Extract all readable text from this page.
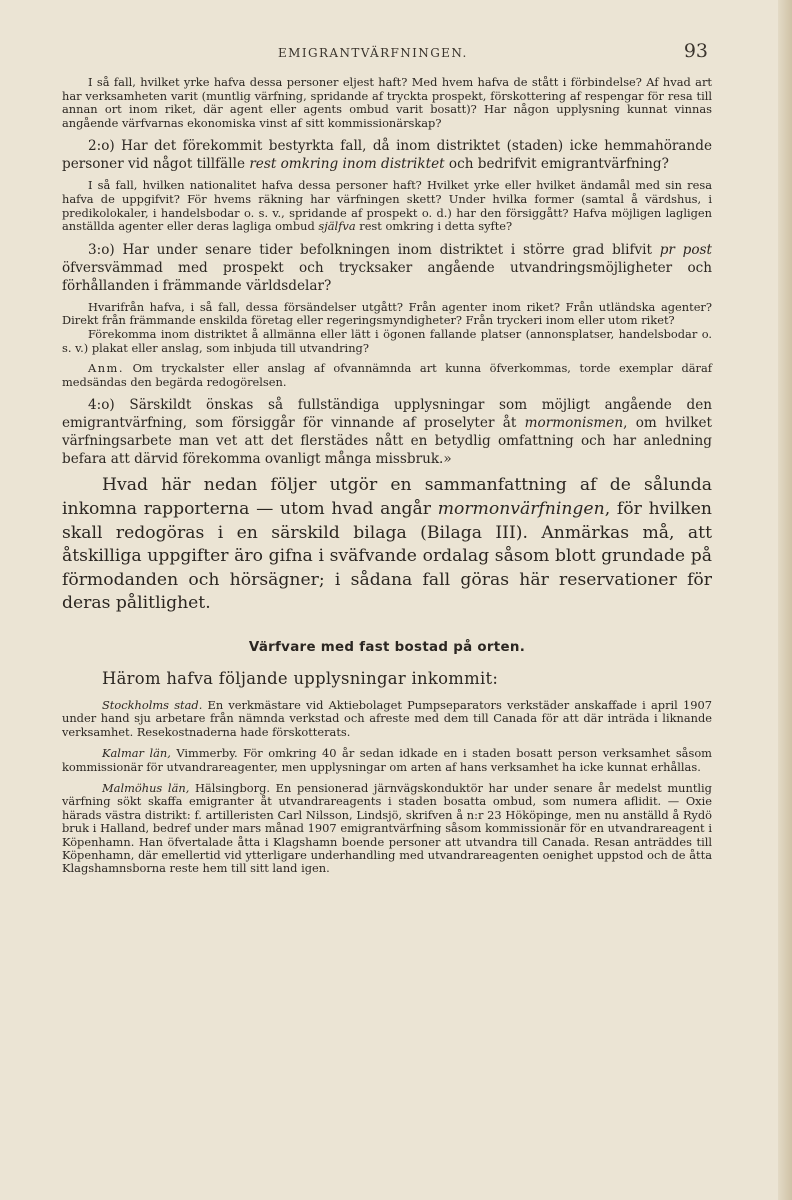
EMIGRANTVÄRFNINGEN.	93

I så fall, hvilket yrke hafva dessa personer eljest haft? Med hvem hafva de stått i förbindelse? Af hvad art har verksamheten varit (muntlig värfning, spridande af tryckta prospekt, förskottering af respengar för resa till annan ort inom riket, där agent eller agents ombud varit bosatt)? Har någon upplysning kunnat vinnas angående värfvarnas ekonomiska vinst af sitt kommissionärskap?

2:o) Har det förekommit bestyrkta fall, då inom distriktet (staden) icke hemmahörande personer vid något tillfälle rest omkring inom distriktet och bedrifvit emigrantvärfning?

I så fall, hvilken nationalitet hafva dessa personer haft? Hvilket yrke eller hvilket ändamål med sin resa hafva de uppgifvit? För hvems räkning har värfningen skett? Under hvilka former (samtal å värdshus, i predikolokaler, i handelsbodar o. s. v., spridande af prospekt o. d.) har den försiggått? Hafva möjligen lagligen anställda agenter eller deras lagliga ombud själfva rest omkring i detta syfte?

3:o) Har under senare tider befolkningen inom distriktet i större grad blifvit pr post öfversvämmad med prospekt och trycksaker angående utvandringsmöjligheter och förhållanden i främmande världsdelar?

Hvarifrån hafva, i så fall, dessa försändelser utgått? Från agenter inom riket? Från utländska agenter? Direkt från främmande enskilda företag eller regeringsmyndigheter? Från tryckeri inom eller utom riket?

Förekomma inom distriktet å allmänna eller lätt i ögonen fallande platser (annonsplatser, handelsbodar o. s. v.) plakat eller anslag, som inbjuda till utvandring?

Anm. Om tryckalster eller anslag af ofvannämnda art kunna öfverkommas, torde exemplar däraf medsändas den begärda redogörelsen.

4:o) Särskildt önskas så fullständiga upplysningar som möjligt angående den emigrantvärfning, som försiggår för vinnande af proselyter åt mormonismen, om hvilket värfningsarbete man vet att det flerstädes nått en betydlig omfattning och har anledning befara att därvid förekomma ovanligt många missbruk.»

Hvad här nedan följer utgör en sammanfattning af de sålunda inkomna rapporterna — utom hvad angår mormonvärfningen, för hvilken skall redogöras i en särskild bilaga (Bilaga III). Anmärkas må, att åtskilliga uppgifter äro gifna i sväfvande ordalag såsom blott grundade på förmodanden och hörsägner; i sådana fall göras här reservationer för deras pålitlighet.

Värfvare med fast bostad på orten.

Härom hafva följande upplysningar inkommit:

Stockholms stad. En verkmästare vid Aktiebolaget Pumpseparators verkstäder anskaffade i april 1907 under hand sju arbetare från nämnda verkstad och afreste med dem till Canada för att där inträda i liknande verksamhet. Resekostnaderna hade förskotterats.

Kalmar län, Vimmerby. För omkring 40 år sedan idkade en i staden bosatt person verksamhet såsom kommissionär för utvandrareagenter, men upplysningar om arten af hans verksamhet ha icke kunnat erhållas.

Malmöhus län, Hälsingborg. En pensionerad järnvägskonduktör har under senare år medelst muntlig värfning sökt skaffa emigranter åt utvandrareagents i staden bosatta ombud, som numera aflidit. — Oxie härads västra distrikt: f. artilleristen Carl Nilsson, Lindsjö, skrifven å n:r 23 Hököpinge, men nu anställd å Rydö bruk i Halland, bedref under mars månad 1907 emigrantvärfning såsom kommissionär för en utvandrareagent i Köpenhamn. Han öfvertalade åtta i Klagshamn boende personer att utvandra till Canada. Resan anträddes till Köpenhamn, där emellertid vid ytterligare underhandling med utvandrareagenten oenighet uppstod och de åtta Klagshamnsborna reste hem till sitt land igen.
